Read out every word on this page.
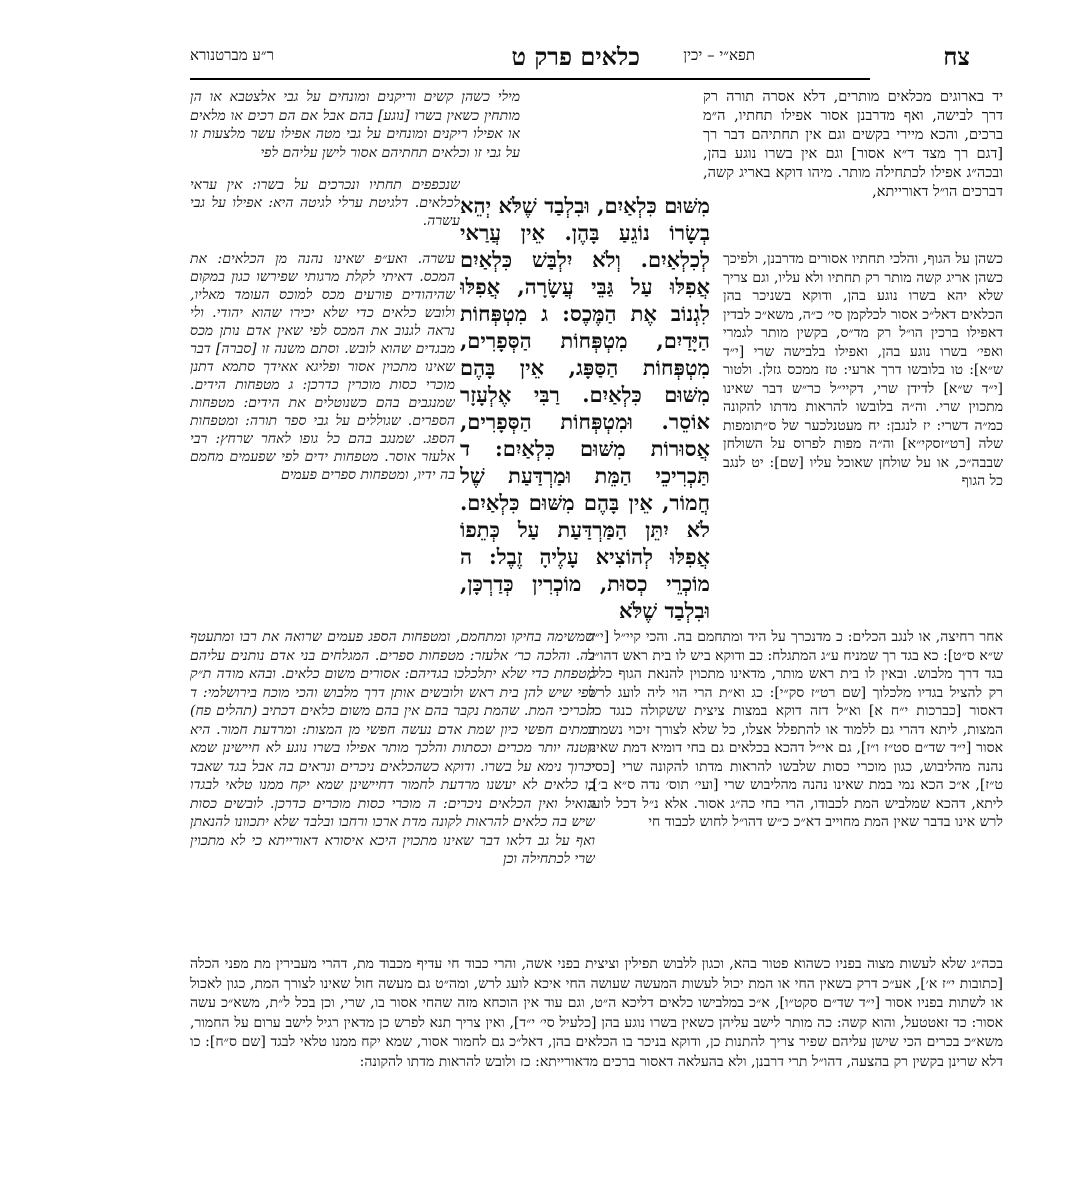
צח
תפא״י – יכין
כלאים פרק ט
ר״ע מברטנורא

יד בארוגים מכלאים מותרים, דלא אסרה תורה רק דרך לבישה, ואף מדרבנן אסור אפילו תחתיו, ה״מ ברכים, והכא מיירי בקשים וגם אין תחתיהם דבר רך [דגם רך מצד ד״א אסור] וגם אין בשרו נוגע בהן, ובכה״ג אפילו לכתחילה מותר. מיהו דוקא באריג קשה, דברכים הו״ל דאורייתא,

מילי כשהן קשים וריקנים ומונחים על גבי אלצטבא או הן מותחין כשאין בשרו [נוגע] בהם אבל אם הם רכים או מלאים או אפילו ריקנים ומונחים על גבי מטה אפילו עשר מלצעות זו על גבי זו וכלאים תחתיהם אסור לישן עליהם לפי

שנכפפים תחתיו ונכרכים על בשרו: אין עראי לכלאים. דלגיטת ערלי לגיטה היא: אפילו על גבי עשרה.

מִשּׁוּם כִּלְאַיִם, וּבִלְבַד שֶׁלֹּא יְהֵא בְשָׂרוֹ נוֹגֵעַ בָּהֶן. אֵין עֲרַאי לְכִלְאַיִם. וְלֹא יִלְבַּשׁ כִּלְאַיִם אֲפִלּוּ עַל גַּבֵּי עֲשָׂרָה, אֲפִלּוּ לִגְנוֹב אֶת הַמֶּכֶס: ג מִטְפְּחוֹת הַיָּדַיִם, מִטְפְּחוֹת הַסְּפָרִים, מִטְפְּחוֹת הַסַּפָּג, אֵין בָּהֶם מִשּׁוּם כִּלְאַיִם. רַבִּי אֶלְעָזָר אוֹסֵר. וּמִטְפְּחוֹת הַסְּפָרִים, אֲסוּרוֹת מִשּׁוּם כִּלְאַיִם: ד תַּכְרִיכֵי הַמֵּת וּמַרְדַּעַת שֶׁל חֲמוֹר, אֵין בָּהֶם מִשּׁוּם כִּלְאַיִם. לֹא יִתֵּן הַמַּרְדַּעַת עַל כְּתֵפוֹ אֲפִלּוּ לְהוֹצִיא עָלֶיהָ זֶבֶל: ה מוֹכְרֵי כְסוּת, מוֹכְרִין כְּדַרְכָּן, וּבִלְבַד שֶׁלֹּא

כשהן על הגוף, והלכי תחתיו אסורים מדרבנן, ולפיכך כשהן אריג קשה מותר רק תחתיו ולא עליו, וגם צריך שלא יהא בשרו נוגע בהן, ודוקא בשניכר בהן הכלאים דאל״כ אסור לכלקמן סי׳ כ״ה, משא״כ לבדין דאפילו ברכין הו״ל רק מד״ס, בקשין מותר לגמרי ואפי׳ בשרו נוגע בהן, ואפילו בלבישה שרי [י״ד ש״א]: טו בלובשו דרך ארעי: טז ממכס גזלן. ולטור [י״ד ש״א] לדידן שרי, דקיי״ל כר״ש דבר שאינו מתכוין שרי. וה״ה בלובשו להראות מדתו להקונה כמ״ה דשרי: יז לנגבן: יח מעטנלכער של ס״תומפות שלה [רט״זסקי״א] וה״ה מפות לפרוס על השולחן שבבה״כ, או על שולחן שאוכל עליו [שם]: יט לנגב כל הגוף

עשרה. ואע״פ שאינו נהנה מן הכלאים: את המכס. דאיתי לקלת מרגותי שפירשו כגון במקום שהיהודים פורעים מכס למוכס העומד מאליו, ולובש כלאים כדי שלא יכירו שהוא יהודי. ולי נראה לגנוב את המכס לפי שאין אדם נותן מכס מבגדים שהוא לובש. וסתם משנה זו [סברה] דבר שאינו מתכוין אסור ופליגא אאידך סתמא דתנן מוכרי כסות מוכרין כדרכן: ג מטפחות הידים. שמנגבים בהם כשנוטלים את הידים: מטפחות הספרים. שגוללים על גבי ספר תורה: ומטפחות הספג. שמנגב בהם כל גופו לאחר שרחץ: רבי אלעזר אוסר. מטפחות ידים לפי שפעמים מחמם בה ידיו, ומטפחות ספרים פעמים

אחר רחיצה, או לנגב הכלים: כ מדנכרך על היד ומתחמם בה. והכי קיי״ל [י״ד ש״א ס״ט]: כא בגד רך שמניח ע״ג המתגלח: כב ודוקא ביש לו בית ראש דהו״ל בגד דרך מלבוש. ובאין לו בית ראש מותר, מדאינו מתכוין להנאת הגוף כלל, רק להציל בגדיו מלכלוך [שם רט״ז סק״י]: כג וא״ת הרי הוי ליה לועג לרש דאסור [כברכות י״ח א] וא״ל דזה דוקא במצות ציצית ששקולה כנגד כל המצות, ליתא דהרי גם ללמוד או להתפלל אצלו, כל שלא לצורך זיכוי נשמתו אסור [י״ד שד״ם סט״ז ו״ז], גם אי״ל דהכא בכלאים גם בחי דומיא דמת שאינו נהנה מהליבוש, כגון מוכרי כסות שלבשו להראות מדתו להקונה שרי [כסי׳ ט״ז], א״כ הכא נמי במת שאינו נהנה מהליבוש שרי [ועי׳ תוס׳ נדה ס״א ב׳], ליתא, דהכא שמלביש המת לכבודו, הרי בחי כה״ג אסור. אלא נ״ל דכל לועג לרש אינו בדבר שאין המת מחוייב דא״כ כ״ש דהו״ל לחוש לכבוד חי

שמשימה בחיקו ומתחמם, ומטפחות הספג פעמים שרואה את רבו ומתעטף בה. והלכה כר׳ אלעזר: מטפחות ספרים. המגלחים בני אדם נותנים עליהם מטפחת כדי שלא יתלכלכו בגדיהם: אסורים משום כלאים. ובהא מודה ת״ק לפי שיש להן בית ראש ולובשים אותן דרך מלבוש והכי מוכח בירושלמי: ד תכריכי המת. שהמת נקבר בהם אין בהם משום כלאים דכתיב (תהלים פח) במתים חפשי כיון שמת אדם נעשה חפשי מן המצות: ומרדעת חמור. היא קטנה יותר מכרים וכסתות והלכך מותר אפילו בשרו נוגע לא חיישינן שמא יכרוך נימא על בשרו. ודוקא כשהכלאים ניכרים ונראים בה אבל בגד שאבד בו כלאים לא יעשנו מרדעת לחמור דחיישינן שמא יקח ממנו טלאי לבגדו הואיל ואין הכלאים ניכרים: ה מוכרי כסות מוכרים כדרכן. לובשים כסות שיש בה כלאים להראות לקונה מדת ארכו ורחבו ובלבד שלא יתכוונו להנאתן ואף על גב דלאו דבר שאינו מתכוין היכא איסורא דאורייתא כי לא מתכוין שרי לכתחילה וכן

בכה״ג שלא לעשות מצוה בפניו כשהוא פטור בהא, וכגון ללבוש תפילין וציצית בפני אשה, והרי כבוד חי עדיף מכבוד מת, דהרי מעבירין מת מפני הכלה [כתובות י״ז א׳], אע״כ דרק בשאין החי או המת יכול לעשות המעשה שעושה החי איכא לועג לרש, ומה״ט גם מעשה חול שאינו לצורך המת, כגון לאכול או לשתות בפניו אסור [י״ד שד״ם סקט״ו], א״כ במלבישו כלאים דליכא ה״ט, וגם עוד אין הוכחא מזה שהחי אסור בו, שרי, וכן בכל ל״ת, משא״כ עשה אסור: כד זאטטעל, והוא קשה: כה מותר לישב עליהן כשאין בשרו נוגע בהן [כלעיל סי׳ י״ד], ואין צריך תנא לפרש כן מדאין רגיל לישב ערום על החמור, משא״כ בכרים הכי שישן עליהם שפיר צריך להתנות כן, ודוקא בניכר בו הכלאים בהן, דאל״כ גם לחמור אסור, שמא יקח ממנו טלאי לבגד [שם ס״ח]: כו דלא שרינן בקשין רק בהצעה, דהו״ל תרי דרבנן, ולא בהעלאה דאסור ברכים מדאורייתא: כז ולובש להראות מדתו להקונה:
